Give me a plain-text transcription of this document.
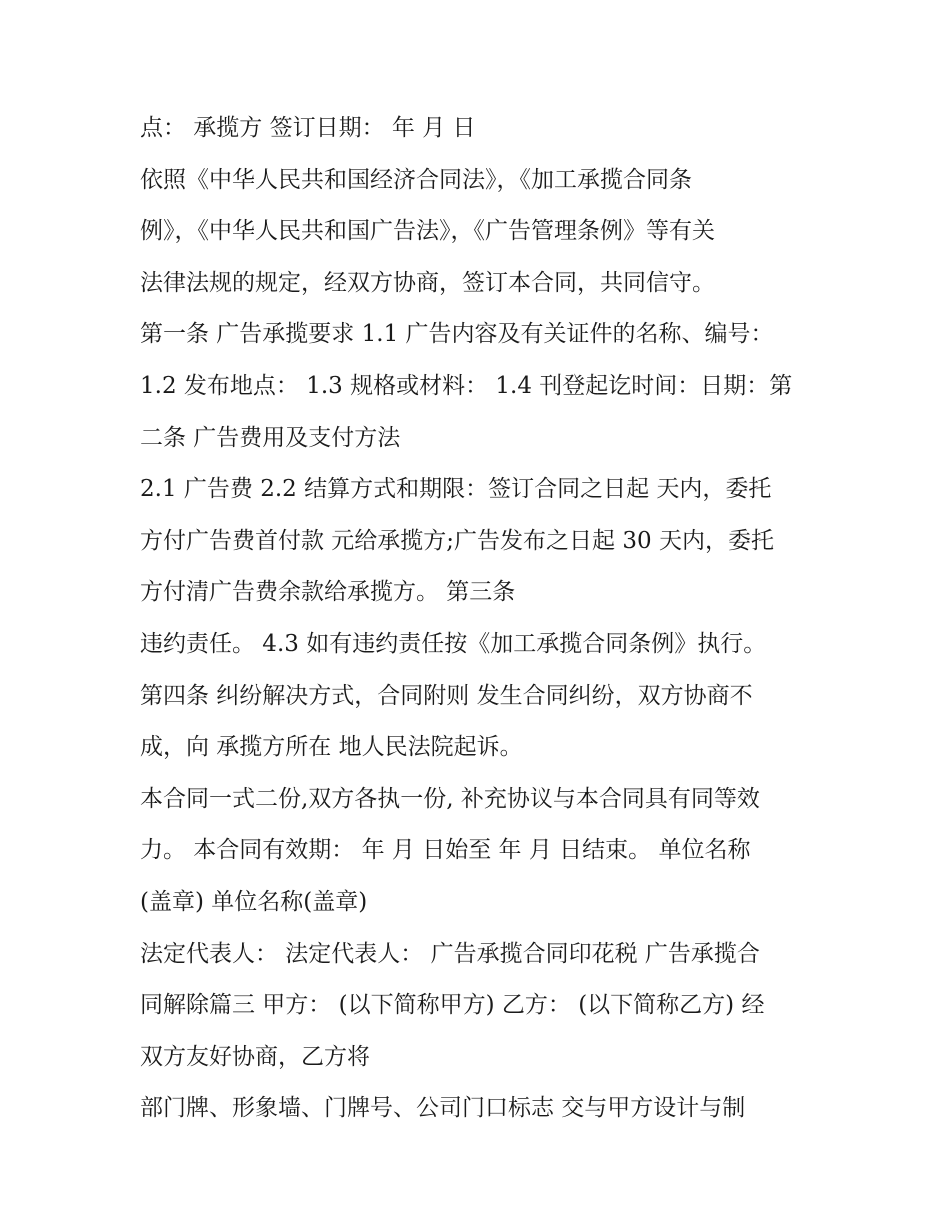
点： 承揽方 签订日期： 年 月 日
依照《中华人民共和国经济合同法》，《加工承揽合同条
例》，《中华人民共和国广告法》，《广告管理条例》等有关
法律法规的规定，经双方协商，签订本合同，共同信守。
第一条 广告承揽要求 1.1 广告内容及有关证件的名称、编号：
1.2 发布地点： 1.3 规格或材料： 1.4 刊登起讫时间：日期：第
二条 广告费用及支付方法
2.1 广告费 2.2 结算方式和期限：签订合同之日起 天内，委托
方付广告费首付款 元给承揽方;广告发布之日起 30 天内，委托
方付清广告费余款给承揽方。 第三条
违约责任。 4.3 如有违约责任按《加工承揽合同条例》执行。
第四条 纠纷解决方式，合同附则 发生合同纠纷，双方协商不
成，向 承揽方所在 地人民法院起诉。
本合同一式二份,双方各执一份, 补充协议与本合同具有同等效
力。 本合同有效期： 年 月 日始至 年 月 日结束。 单位名称
(盖章) 单位名称(盖章)
法定代表人： 法定代表人： 广告承揽合同印花税 广告承揽合
同解除篇三 甲方： (以下简称甲方) 乙方： (以下简称乙方) 经
双方友好协商，乙方将
部门牌、形象墙、门牌号、公司门口标志 交与甲方设计与制
